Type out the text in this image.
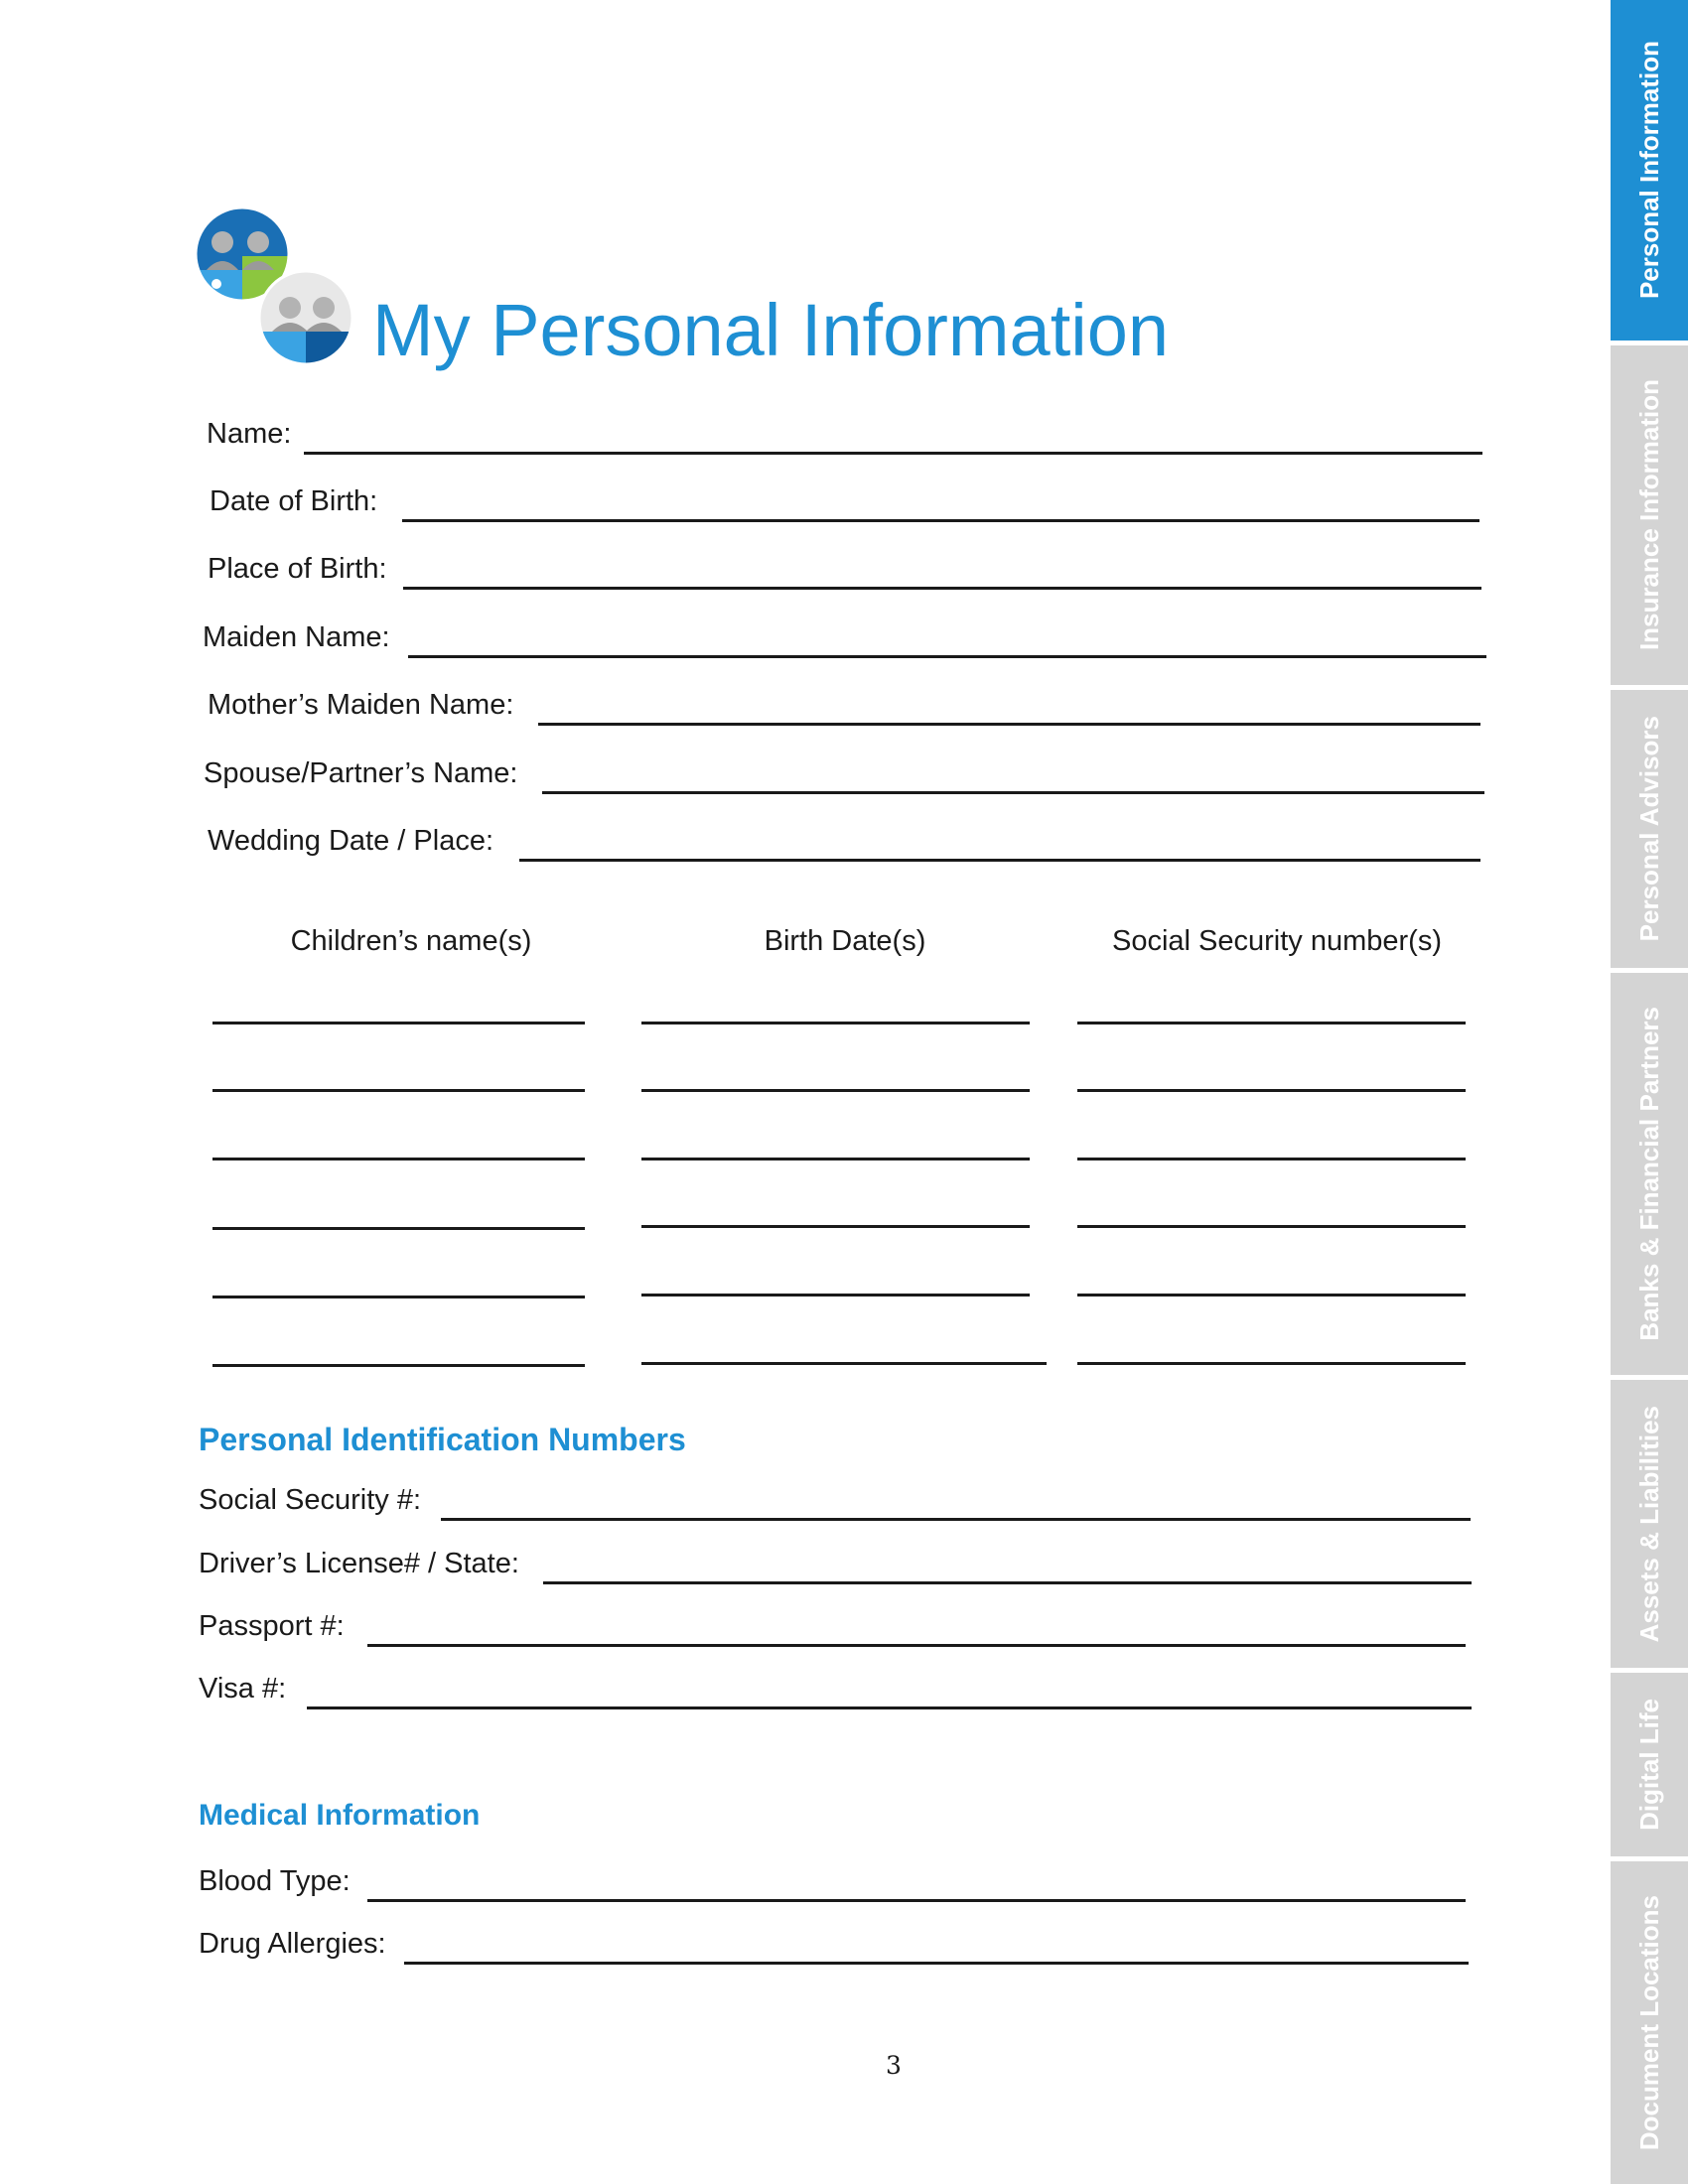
My Personal Information
Name:
Date of Birth:
Place of Birth:
Maiden Name:
Mother’s Maiden Name:
Spouse/Partner’s Name:
Wedding Date / Place:
Children’s name(s)	Birth Date(s)	Social Security number(s)
Personal Identification Numbers
Social Security #:
Driver’s License# / State:
Passport #:
Visa #:
Medical Information
Blood Type:
Drug Allergies:
3
Personal Information
Insurance Information
Personal Advisors
Banks & Financial Partners
Assets & Liabilities
Digital Life
Document Locations
